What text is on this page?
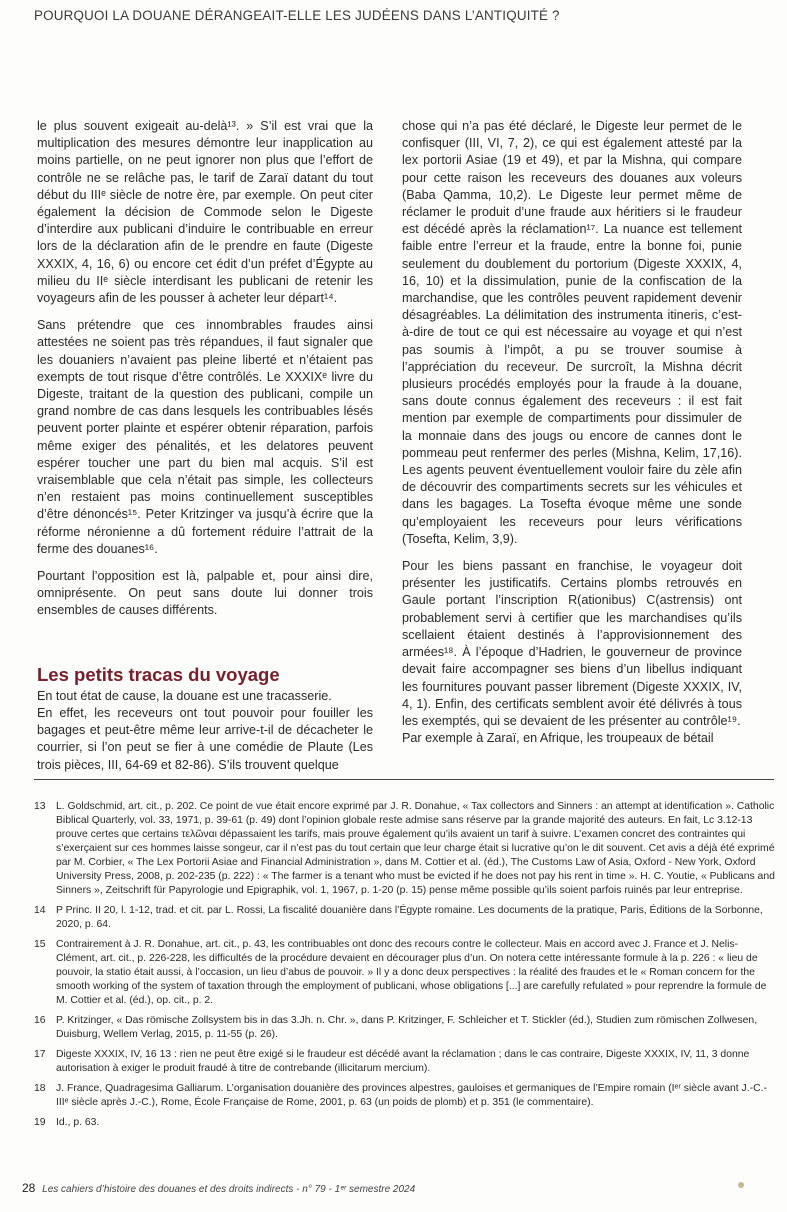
POURQUOI LA DOUANE DÉRANGEAIT-ELLE LES JUDÉENS DANS L’ANTIQUITÉ ?

le plus souvent exigeait au-delà¹³. » S’il est vrai que la multiplication des mesures démontre leur inapplication au moins partielle, on ne peut ignorer non plus que l’effort de contrôle ne se relâche pas, le tarif de Zaraï datant du tout début du IIIᵉ siècle de notre ère, par exemple. On peut citer également la décision de Commode selon le Digeste d’interdire aux publicani d’induire le contribuable en erreur lors de la déclaration afin de le prendre en faute (Digeste XXXIX, 4, 16, 6) ou encore cet édit d’un préfet d’Égypte au milieu du IIᵉ siècle interdisant les publicani de retenir les voyageurs afin de les pousser à acheter leur départ¹⁴.

Sans prétendre que ces innombrables fraudes ainsi attestées ne soient pas très répandues, il faut signaler que les douaniers n’avaient pas pleine liberté et n’étaient pas exempts de tout risque d’être contrôlés. Le XXXIXᵉ livre du Digeste, traitant de la question des publicani, compile un grand nombre de cas dans lesquels les contribuables lésés peuvent porter plainte et espérer obtenir réparation, parfois même exiger des pénalités, et les delatores peuvent espérer toucher une part du bien mal acquis. S’il est vraisemblable que cela n’était pas simple, les collecteurs n’en restaient pas moins continuellement susceptibles d’être dénoncés¹⁵. Peter Kritzinger va jusqu’à écrire que la réforme néronienne a dû fortement réduire l’attrait de la ferme des douanes¹⁶.

Pourtant l’opposition est là, palpable et, pour ainsi dire, omniprésente. On peut sans doute lui donner trois ensembles de causes différents.

Les petits tracas du voyage

En tout état de cause, la douane est une tracasserie.

En effet, les receveurs ont tout pouvoir pour fouiller les bagages et peut-être même leur arrive-t-il de décacheter le courrier, si l’on peut se fier à une comédie de Plaute (Les trois pièces, III, 64-69 et 82-86). S’ils trouvent quelque

chose qui n’a pas été déclaré, le Digeste leur permet de le confisquer (III, VI, 7, 2), ce qui est également attesté par la lex portorii Asiae (19 et 49), et par la Mishna, qui compare pour cette raison les receveurs des douanes aux voleurs (Baba Qamma, 10,2). Le Digeste leur permet même de réclamer le produit d’une fraude aux héritiers si le fraudeur est décédé après la réclamation¹⁷. La nuance est tellement faible entre l’erreur et la fraude, entre la bonne foi, punie seulement du doublement du portorium (Digeste XXXIX, 4, 16, 10) et la dissimulation, punie de la confiscation de la marchandise, que les contrôles peuvent rapidement devenir désagréables. La délimitation des instrumenta itineris, c’est-à-dire de tout ce qui est nécessaire au voyage et qui n’est pas soumis à l’impôt, a pu se trouver soumise à l’appréciation du receveur. De surcroît, la Mishna décrit plusieurs procédés employés pour la fraude à la douane, sans doute connus également des receveurs : il est fait mention par exemple de compartiments pour dissimuler de la monnaie dans des jougs ou encore de cannes dont le pommeau peut renfermer des perles (Mishna, Kelim, 17,16). Les agents peuvent éventuellement vouloir faire du zèle afin de découvrir des compartiments secrets sur les véhicules et dans les bagages. La Tosefta évoque même une sonde qu’employaient les receveurs pour leurs vérifications (Tosefta, Kelim, 3,9).

Pour les biens passant en franchise, le voyageur doit présenter les justificatifs. Certains plombs retrouvés en Gaule portant l’inscription R(ationibus) C(astrensis) ont probablement servi à certifier que les marchandises qu’ils scellaient étaient destinés à l’approvisionnement des armées¹⁸. À l’époque d’Hadrien, le gouverneur de province devait faire accompagner ses biens d’un libellus indiquant les fournitures pouvant passer librement (Digeste XXXIX, IV, 4, 1). Enfin, des certificats semblent avoir été délivrés à tous les exemptés, qui se devaient de les présenter au contrôle¹⁹.

Par exemple à Zaraï, en Afrique, les troupeaux de bétail

13	L. Goldschmid, art. cit., p. 202. Ce point de vue était encore exprimé par J. R. Donahue, « Tax collectors and Sinners : an attempt at identification ». Catholic Biblical Quarterly, vol. 33, 1971, p. 39-61 (p. 49) dont l’opinion globale reste admise sans réserve par la grande majorité des auteurs. En fait, Lc 3.12-13 prouve certes que certains τελῶναι dépassaient les tarifs, mais prouve également qu’ils avaient un tarif à suivre. L’examen concret des contraintes qui s’exerçaient sur ces hommes laisse songeur, car il n’est pas du tout certain que leur charge était si lucrative qu’on le dit souvent. Cet avis a déjà été exprimé par M. Corbier, « The Lex Portorii Asiae and Financial Administration », dans M. Cottier et al. (éd.), The Customs Law of Asia, Oxford - New York, Oxford University Press, 2008, p. 202-235 (p. 222) : « The farmer is a tenant who must be evicted if he does not pay his rent in time ». H. C. Youtie, « Publicans and Sinners », Zeitschrift für Papyrologie und Epigraphik, vol. 1, 1967, p. 1-20 (p. 15) pense même possible qu’ils soient parfois ruinés par leur entreprise.
14	P Princ. II 20, l. 1-12, trad. et cit. par L. Rossi, La fiscalité douanière dans l’Égypte romaine. Les documents de la pratique, Paris, Éditions de la Sorbonne, 2020, p. 64.
15	Contrairement à J. R. Donahue, art. cit., p. 43, les contribuables ont donc des recours contre le collecteur. Mais en accord avec J. France et J. Nelis-Clément, art. cit., p. 226-228, les difficultés de la procédure devaient en décourager plus d’un. On notera cette intéressante formule à la p. 226 : « lieu de pouvoir, la statio était aussi, à l’occasion, un lieu d’abus de pouvoir. » Il y a donc deux perspectives : la réalité des fraudes et le « Roman concern for the smooth working of the system of taxation through the employment of publicani, whose obligations [...] are carefully refulated » pour reprendre la formule de M. Cottier et al. (éd.), op. cit., p. 2.
16	P. Kritzinger, « Das römische Zollsystem bis in das 3.Jh. n. Chr. », dans P. Kritzinger, F. Schleicher et T. Stickler (éd.), Studien zum römischen Zollwesen, Duisburg, Wellem Verlag, 2015, p. 11-55 (p. 26).
17	Digeste XXXIX, IV, 16 13 : rien ne peut être exigé si le fraudeur est décédé avant la réclamation ; dans le cas contraire, Digeste XXXIX, IV, 11, 3 donne autorisation à exiger le produit fraudé à titre de contrebande (illicitarum mercium).
18	J. France, Quadragesima Galliarum. L’organisation douanière des provinces alpestres, gauloises et germaniques de l’Empire romain (Iᵉʳ siècle avant J.-C.-IIIᵉ siècle après J.-C.), Rome, École Française de Rome, 2001, p. 63 (un poids de plomb) et p. 351 (le commentaire).
19	Id., p. 63.
28 Les cahiers d’histoire des douanes et des droits indirects - n° 79 - 1ᵉʳ semestre 2024
